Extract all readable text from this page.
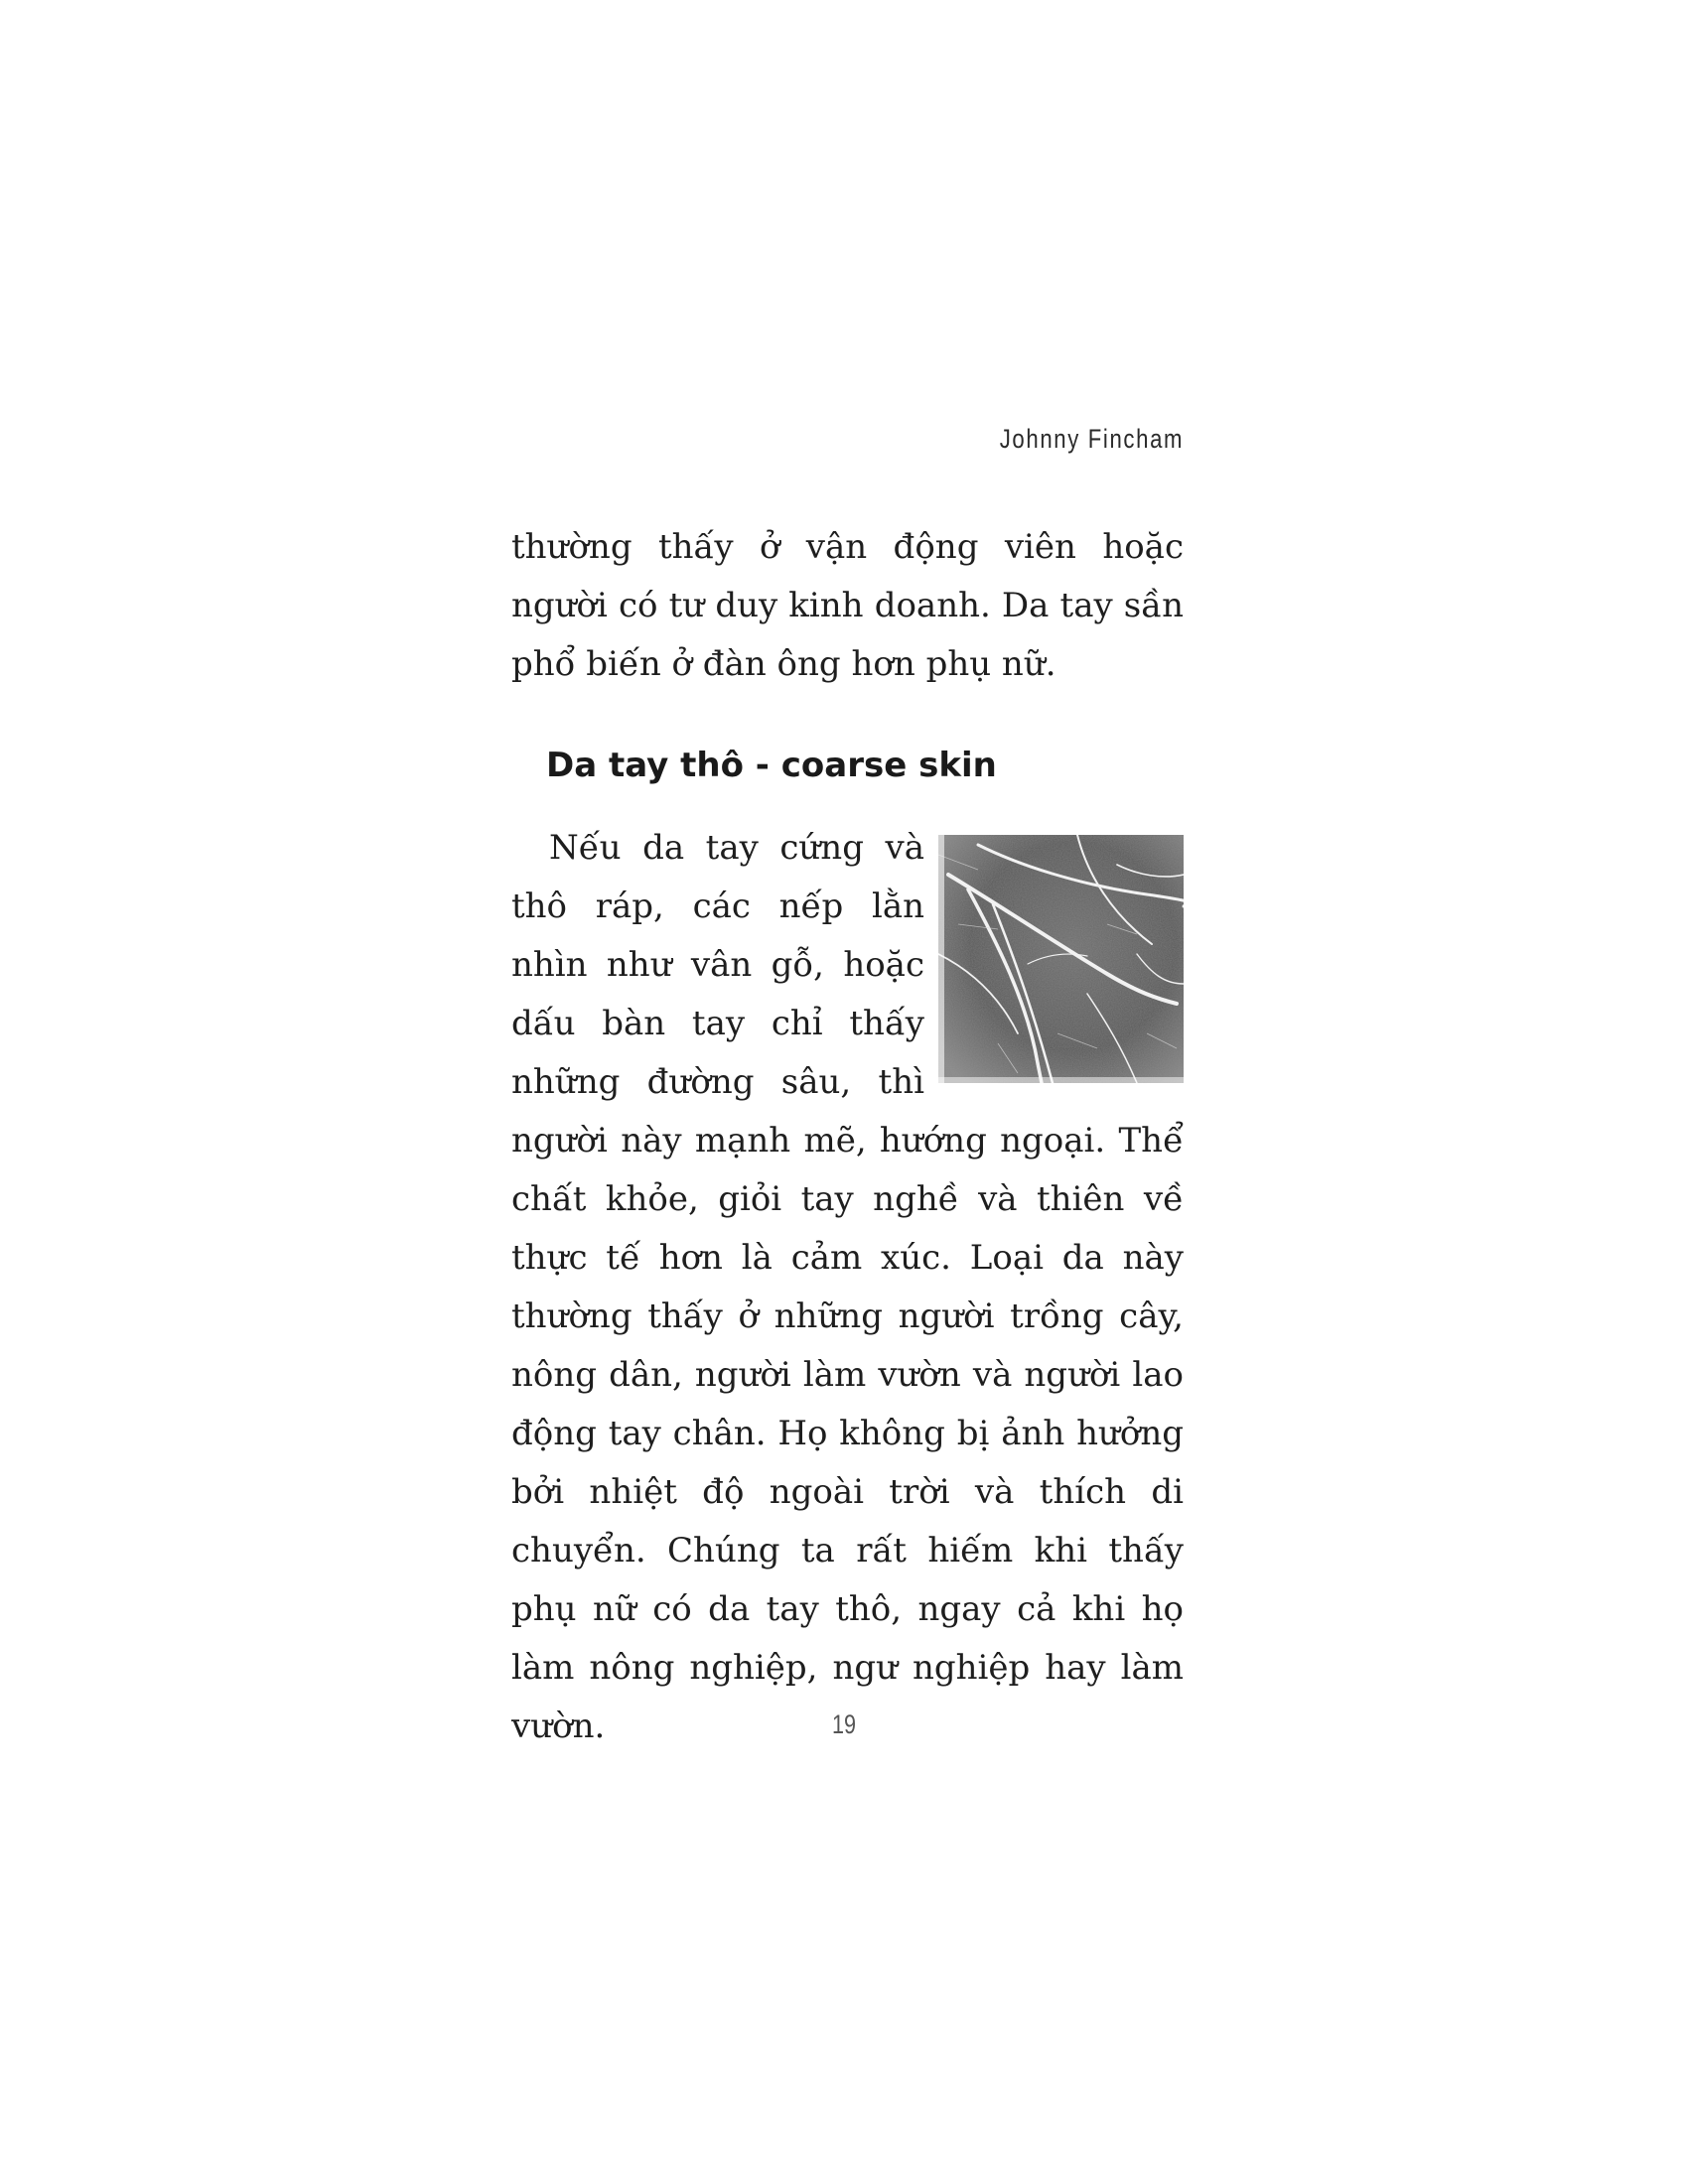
Johnny Fincham
thường thấy ở vận động viên hoặc người có tư duy kinh doanh. Da tay sần phổ biến ở đàn ông hơn phụ nữ.
Da tay thô - coarse skin
Nếu da tay cứng và thô ráp, các nếp lằn nhìn như vân gỗ, hoặc dấu bàn tay chỉ thấy những đường sâu, thì người này mạnh mẽ, hướng ngoại. Thể chất khỏe, giỏi tay nghề và thiên về thực tế hơn là cảm xúc. Loại da này thường thấy ở những người trồng cây, nông dân, người làm vườn và người lao động tay chân. Họ không bị ảnh hưởng bởi nhiệt độ ngoài trời và thích di chuyển. Chúng ta rất hiếm khi thấy phụ nữ có da tay thô, ngay cả khi họ làm nông nghiệp, ngư nghiệp hay làm vườn.	19
